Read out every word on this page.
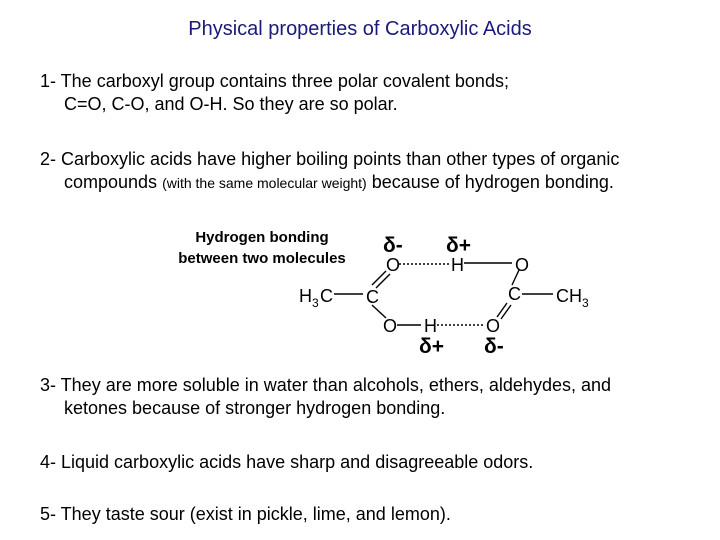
Physical properties of Carboxylic Acids
1- The carboxyl group contains three polar covalent bonds;
C=O, C-O, and O-H. So they are so polar.
2- Carboxylic acids have higher boiling points than other types of organic
compounds (with the same molecular weight) because of hydrogen bonding.
Hydrogen bonding
between two molecules
δ- δ+
δ+ δ-
O	H	O
H 3 C C	C CH 3
O H	O
3- They are more soluble in water than alcohols, ethers, aldehydes, and
ketones because of stronger hydrogen bonding.
4- Liquid carboxylic acids have sharp and disagreeable odors.
5- They taste sour (exist in pickle, lime, and lemon).
